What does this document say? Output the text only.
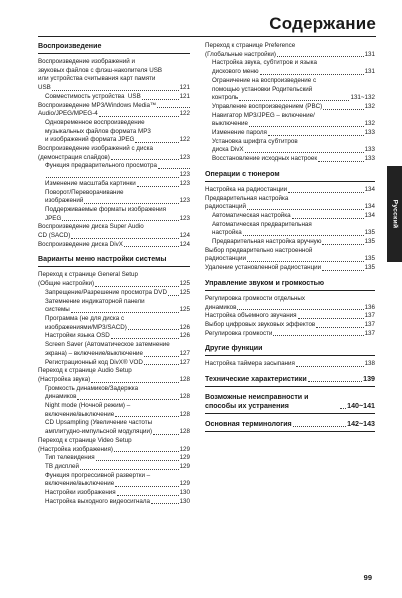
Содержание
Воспроизведение
Воспроизведение изображений и
звуковых файлов с флэш-накопителя USB
или устройства считывания карт памяти
USB	121
Совместимость устройства  USB	121
Воспроизведение MP3/Windows Media™
Audio/JPEG/MPEG-4	122
Одновременное воспроизведение
музыкальных файлов формата MP3
и изображений формата JPEG	122
Воспроизведение изображений с диска
(демонстрация слайдов)	123
Функция предварительного просмотра
123
Изменение масштаба картинки	123
Поворот/Переворачивание
изображений	123
Поддерживаемые форматы изображения
JPEG	123
Воспроизведение диска Super Audio
CD (SACD)	124
Воспроизведение диска DivX	124
Варианты меню настройки системы
Переход к странице General Setup
(Общие настройки)	125
Запрещение/Разрешение просмотра DVD 125
Затемнение индикаторной панели
системы	125
Программа (не для диска с
изображениями/MP3/SACD)	126
Настройки языка OSD	126
Screen Saver (Автоматическое затемнение
экрана) – включение/выключение	127
Регистрационный код DivX® VOD	127
Переход к странице Audio Setup
(Настройка звука)	128
Громкость динамиков/Задержка
динамиков	128
Night mode (Ночной режим) –
включение/выключение	128
CD Upsampling (Увеличение частоты
амплитудно-импульсной модуляции)	128
Переход к странице Video Setup
(Настройка изображения)	129
Тип телевидения	129
ТВ дисплей	129
Функция прогрессивной развертки –
включение/выключение	129
Настройки изображения	130
Настройка выходного видеосигнала	130
Переход к странице Preference
(Глобальные настройки)	131
Настройка звука, субтитров и языка
дискового меню	131
Ограничение на воспроизведение с
помощью установки Родительский
контроль	131~132
Управление воспроизведением (PBC)	132
Навигатор MP3/JPEG – включение/
выключение	132
Изменение пароля	133
Установка шрифта субтитров
диска DivX	133
Восстановление исходных настроек	133
Операции с тюнером
Настройка на радиостанции	134
Предварительная настройка
радиостанций	134
Автоматическая настройка	134
Автоматическая предварительная
настройка	135
Предварительная настройка вручную	135
Выбор предварительно настроенной
радиостанции	135
Удаление установленной радиостанции	135
Управление звуком и громкостью
Регулировка громкости отдельных
динамиков	136
Настройка объемного звучания	137
Выбор цифровых звуковых эффектов	137
Регулировка громкости	137
Другие функции
Настройка таймера засыпания	138
Технические характеристики	139
Возможные неисправности и способы их устранения	140~141
Основная терминология	142~143
Русский
99
